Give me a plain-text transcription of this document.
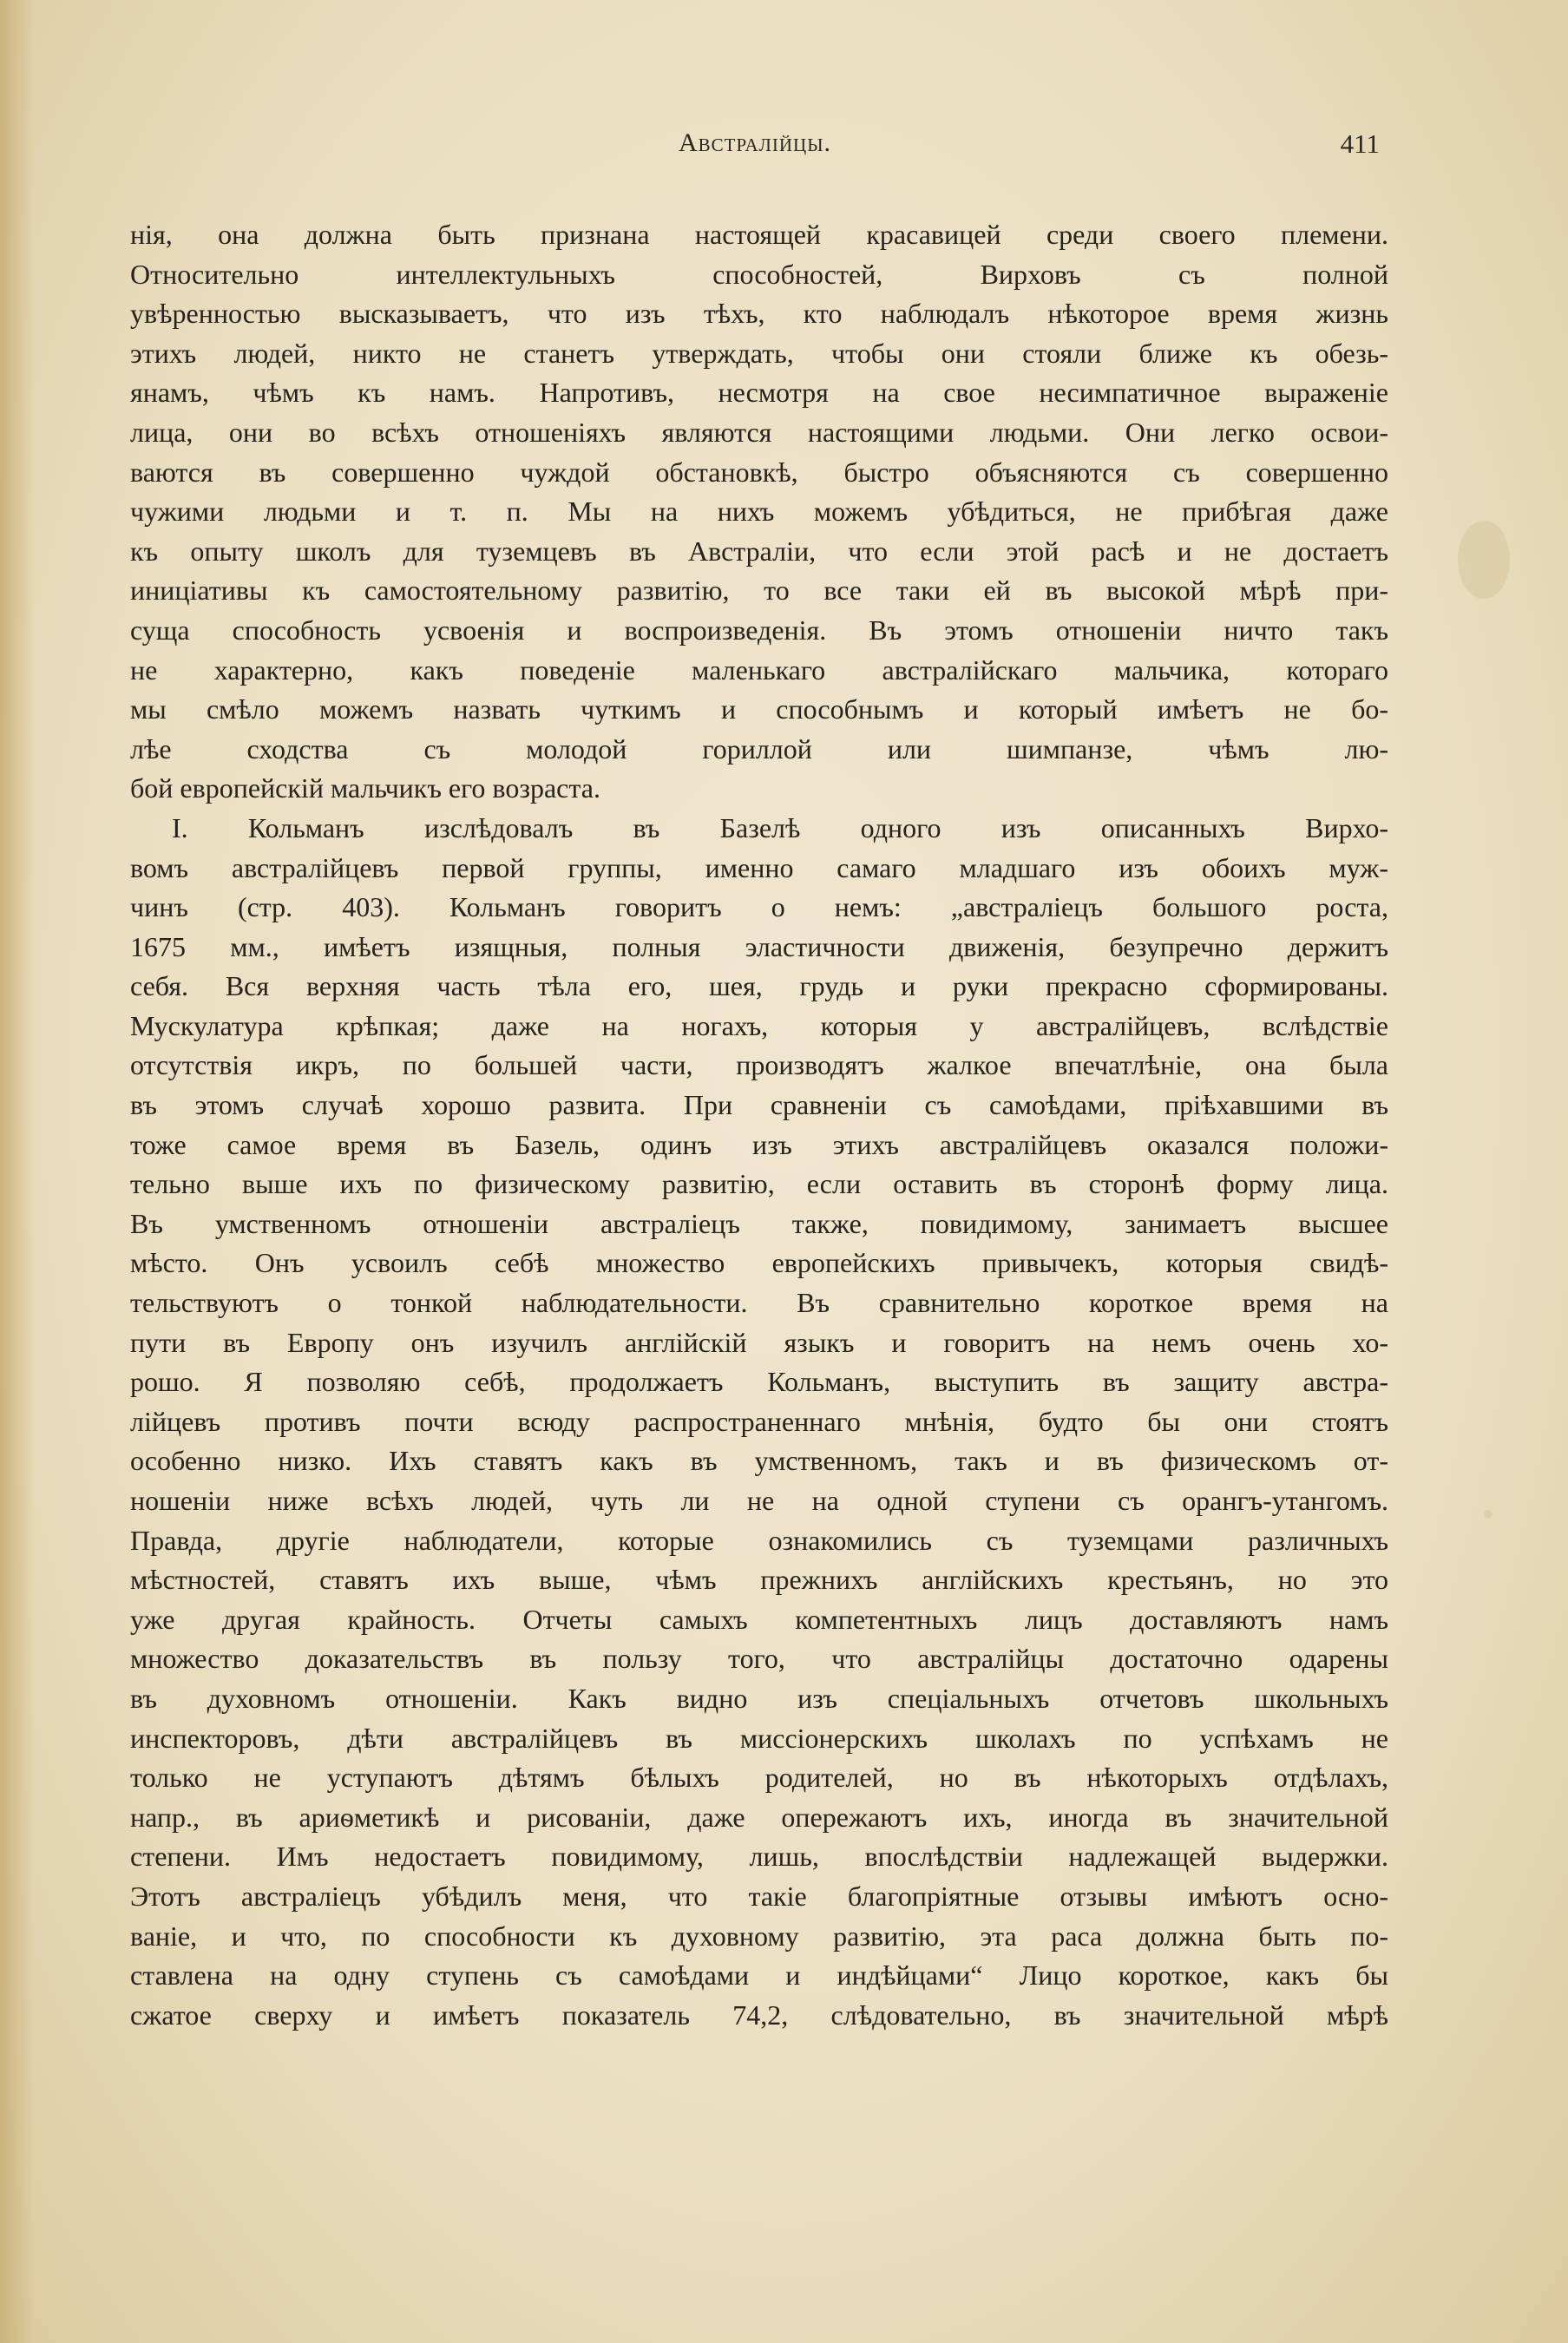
Австралійцы.	411
нія, она должна быть признана настоящей красавицей среди своего племени.
Относительно интеллектульныхъ способностей, Вирховъ съ полной
увѣренностью высказываетъ, что изъ тѣхъ, кто наблюдалъ нѣкоторое время жизнь
этихъ людей, никто не станетъ утверждать, чтобы они стояли ближе къ обезь-
янамъ, чѣмъ къ намъ. Напротивъ, несмотря на свое несимпатичное выраженіе
лица, они во всѣхъ отношеніяхъ являются настоящими людьми. Они легко освои-
ваются въ совершенно чуждой обстановкѣ, быстро объясняются съ совершенно
чужими людьми и т. п. Мы на нихъ можемъ убѣдиться, не прибѣгая даже
къ опыту школъ для туземцевъ въ Австраліи, что если этой расѣ и не достаетъ
иниціативы къ самостоятельному развитію, то все таки ей въ высокой мѣрѣ при-
суща способность усвоенія и воспроизведенія. Въ этомъ отношеніи ничто такъ
не характерно, какъ поведеніе маленькаго австралійскаго мальчика, котораго
мы смѣло можемъ назвать чуткимъ и способнымъ и который имѣетъ не бо-
лѣе сходства съ молодой гориллой или шимпанзе, чѣмъ лю-
бой европейскій мальчикъ его возраста.
I. Кольманъ изслѣдовалъ въ Базелѣ одного изъ описанныхъ Вирхо-
вомъ австралійцевъ первой группы, именно самаго младшаго изъ обоихъ муж-
чинъ (стр. 403). Кольманъ говоритъ о немъ: „австраліецъ большого роста,
1675 мм., имѣетъ изящныя, полныя эластичности движенія, безупречно держитъ
себя. Вся верхняя часть тѣла его, шея, грудь и руки прекрасно сформированы.
Мускулатура крѣпкая; даже на ногахъ, которыя у австралійцевъ, вслѣдствіе
отсутствія икръ, по большей части, производятъ жалкое впечатлѣніе, она была
въ этомъ случаѣ хорошо развита. При сравненіи съ самоѣдами, пріѣхавшими въ
тоже самое время въ Базель, одинъ изъ этихъ австралійцевъ оказался положи-
тельно выше ихъ по физическому развитію, если оставить въ сторонѣ форму лица.
Въ умственномъ отношеніи австраліецъ также, повидимому, занимаетъ высшее
мѣсто. Онъ усвоилъ себѣ множество европейскихъ привычекъ, которыя свидѣ-
тельствуютъ о тонкой наблюдательности. Въ сравнительно короткое время на
пути въ Европу онъ изучилъ англійскій языкъ и говоритъ на немъ очень хо-
рошо. Я позволяю себѣ, продолжаетъ Кольманъ, выступить въ защиту австра-
лійцевъ противъ почти всюду распространеннаго мнѣнія, будто бы они стоятъ
особенно низко. Ихъ ставятъ какъ въ умственномъ, такъ и въ физическомъ от-
ношеніи ниже всѣхъ людей, чуть ли не на одной ступени съ орангъ-утангомъ.
Правда, другіе наблюдатели, которые ознакомились съ туземцами различныхъ
мѣстностей, ставятъ ихъ выше, чѣмъ прежнихъ англійскихъ крестьянъ, но это
уже другая крайность. Отчеты самыхъ компетентныхъ лицъ доставляютъ намъ
множество доказательствъ въ пользу того, что австралійцы достаточно одарены
въ духовномъ отношеніи. Какъ видно изъ спеціальныхъ отчетовъ школьныхъ
инспекторовъ, дѣти австралійцевъ въ миссіонерскихъ школахъ по успѣхамъ не
только не уступаютъ дѣтямъ бѣлыхъ родителей, но въ нѣкоторыхъ отдѣлахъ,
напр., въ ариѳметикѣ и рисованіи, даже опережаютъ ихъ, иногда въ значительной
степени. Имъ недостаетъ повидимому, лишь, впослѣдствіи надлежащей выдержки.
Этотъ австраліецъ убѣдилъ меня, что такіе благопріятные отзывы имѣютъ осно-
ваніе, и что, по способности къ духовному развитію, эта раса должна быть по-
ставлена на одну ступень съ самоѣдами и индѣйцами“ Лицо короткое, какъ бы
сжатое сверху и имѣетъ показатель 74,2, слѣдовательно, въ значительной мѣрѣ
